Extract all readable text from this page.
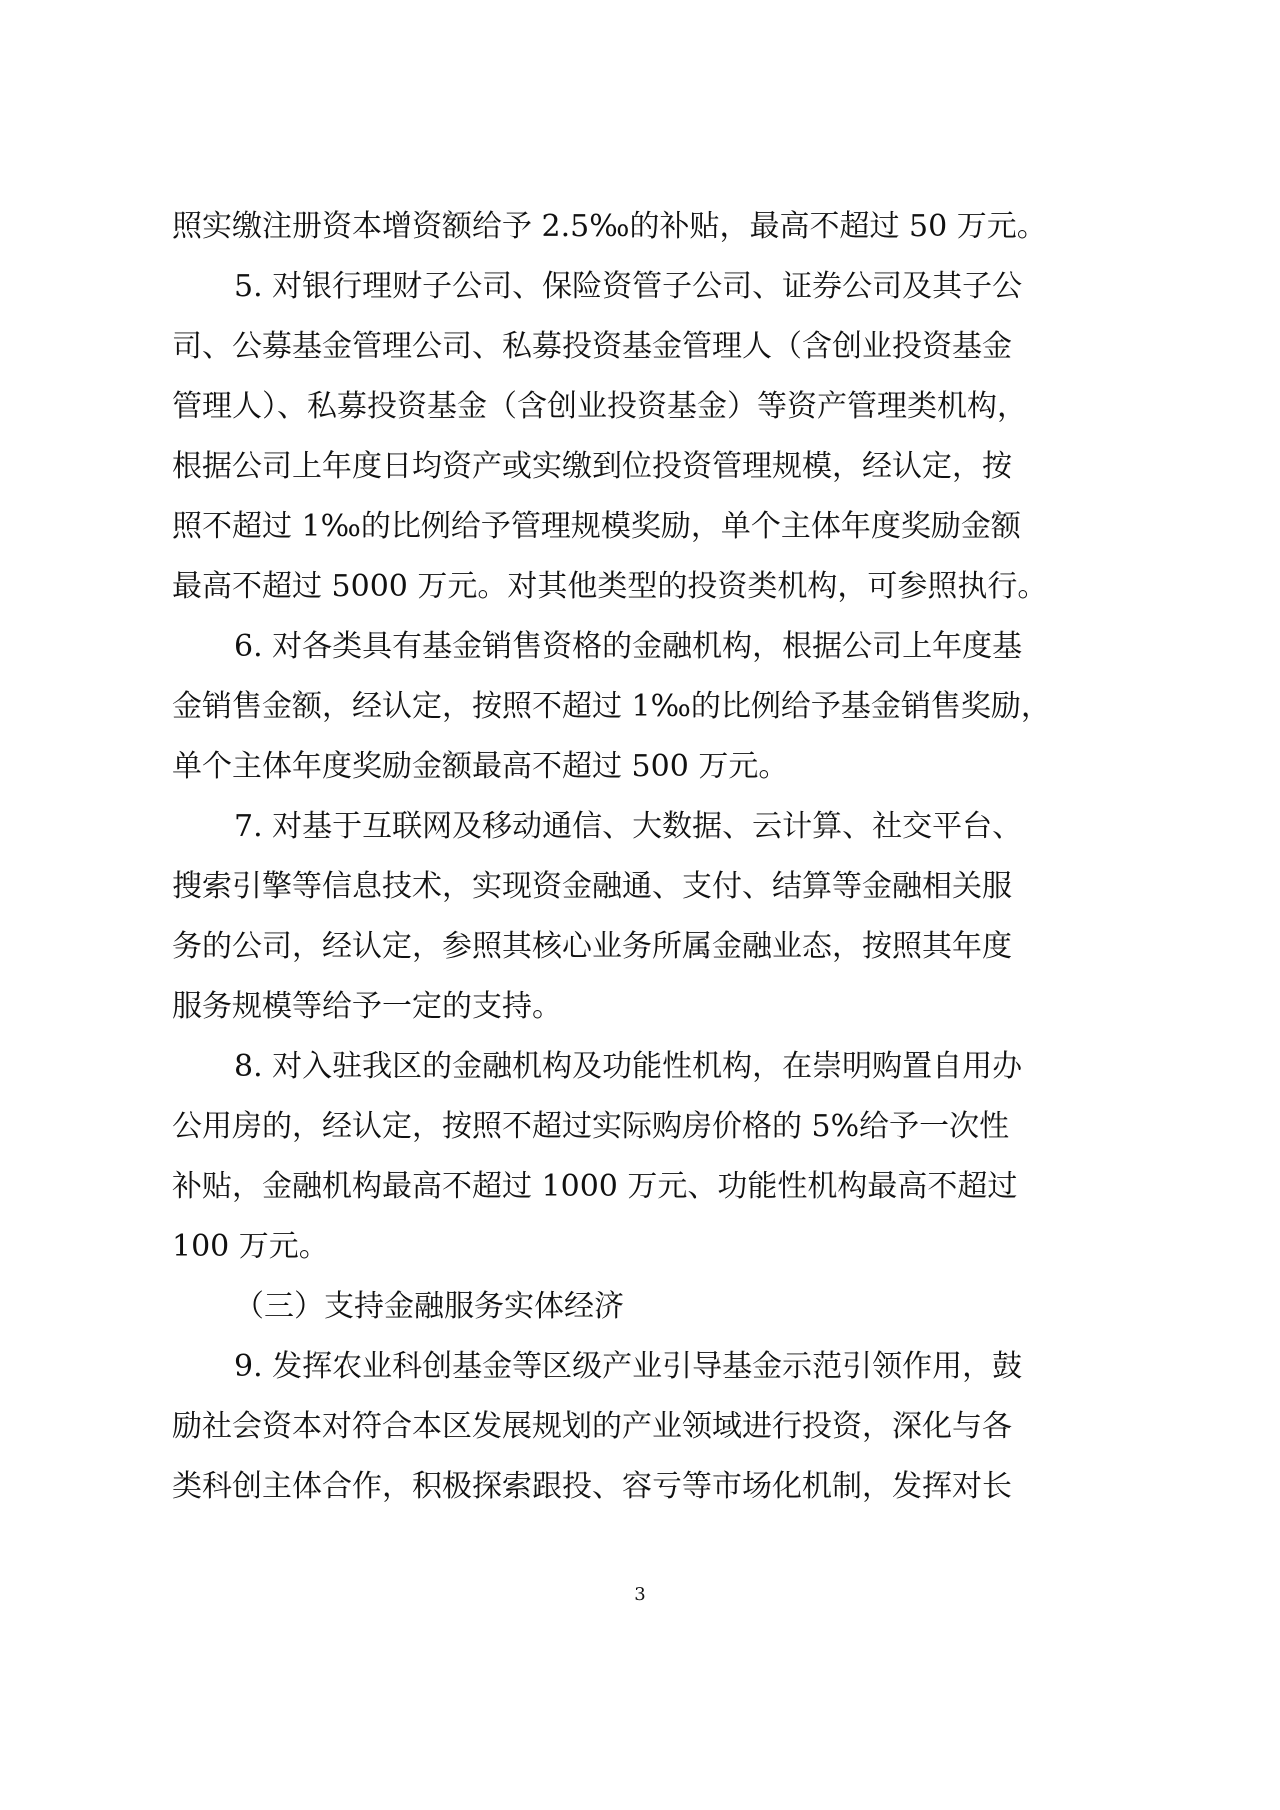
照实缴注册资本增资额给予 2.5‰的补贴，最高不超过 50 万元。
5. 对银行理财子公司、保险资管子公司、证券公司及其子公
司、公募基金管理公司、私募投资基金管理人（含创业投资基金
管理人）、私募投资基金（含创业投资基金）等资产管理类机构，
根据公司上年度日均资产或实缴到位投资管理规模，经认定，按
照不超过 1‰的比例给予管理规模奖励，单个主体年度奖励金额
最高不超过 5000 万元。对其他类型的投资类机构，可参照执行。
6. 对各类具有基金销售资格的金融机构，根据公司上年度基
金销售金额，经认定，按照不超过 1‰的比例给予基金销售奖励，
单个主体年度奖励金额最高不超过 500 万元。
7. 对基于互联网及移动通信、大数据、云计算、社交平台、
搜索引擎等信息技术，实现资金融通、支付、结算等金融相关服
务的公司，经认定，参照其核心业务所属金融业态，按照其年度
服务规模等给予一定的支持。
8. 对入驻我区的金融机构及功能性机构，在崇明购置自用办
公用房的，经认定，按照不超过实际购房价格的 5%给予一次性
补贴，金融机构最高不超过 1000 万元、功能性机构最高不超过
100 万元。
（三）支持金融服务实体经济
9. 发挥农业科创基金等区级产业引导基金示范引领作用，鼓
励社会资本对符合本区发展规划的产业领域进行投资，深化与各
类科创主体合作，积极探索跟投、容亏等市场化机制，发挥对长
3
